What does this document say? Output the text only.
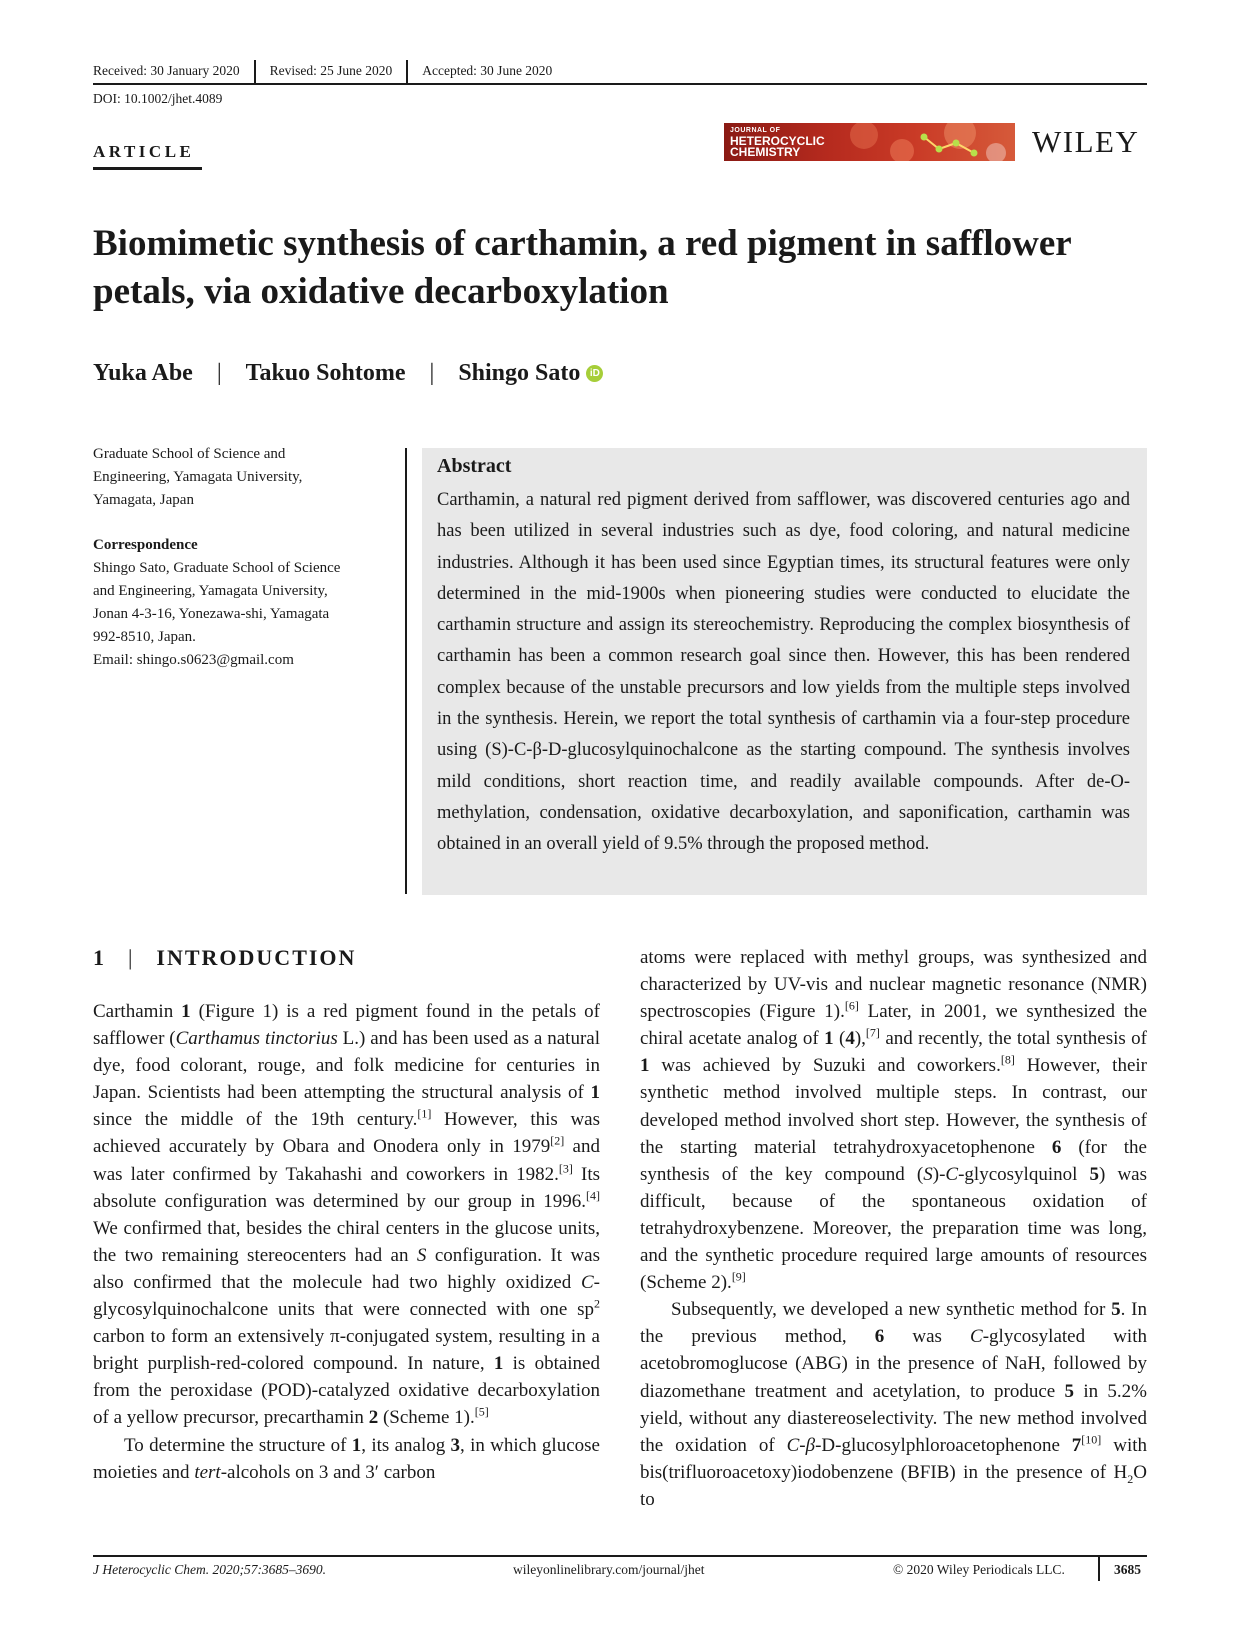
Received: 30 January 2020	Revised: 25 June 2020	Accepted: 30 June 2020
DOI: 10.1002/jhet.4089
ARTICLE
JOURNAL OF
HETEROCYCLIC
CHEMISTRY	WILEY
Biomimetic synthesis of carthamin, a red pigment in safflower petals, via oxidative decarboxylation
Yuka Abe | Takuo Sohtome | Shingo Sato iD

Graduate School of Science and

Engineering, Yamagata University,

Yamagata, Japan

Correspondence

Shingo Sato, Graduate School of Science

and Engineering, Yamagata University,

Jonan 4-3-16, Yonezawa-shi, Yamagata

992-8510, Japan.

Email: shingo.s0623@gmail.com

Abstract
Carthamin, a natural red pigment derived from safflower, was discovered centuries ago and has been utilized in several industries such as dye, food coloring, and natural medicine industries. Although it has been used since Egyptian times, its structural features were only determined in the mid-1900s when pioneering studies were conducted to elucidate the carthamin structure and assign its stereochemistry. Reproducing the complex biosynthesis of carthamin has been a common research goal since then. However, this has been rendered complex because of the unstable precursors and low yields from the multiple steps involved in the synthesis. Herein, we report the total synthesis of carthamin via a four-step procedure using (S)-C-β-D-glucosylquinochalcone as the starting compound. The synthesis involves mild conditions, short reaction time, and readily available compounds. After de-O-methylation, condensation, oxidative decarboxylation, and saponification, carthamin was obtained in an overall yield of 9.5% through the proposed method.
1 | INTRODUCTION

Carthamin 1 (Figure 1) is a red pigment found in the petals of safflower (Carthamus tinctorius L.) and has been used as a natural dye, food colorant, rouge, and folk medicine for centuries in Japan. Scientists had been attempting the structural analysis of 1 since the middle of the 19th century.[1] However, this was achieved accurately by Obara and Onodera only in 1979[2] and was later confirmed by Takahashi and coworkers in 1982.[3] Its absolute configuration was determined by our group in 1996.[4] We confirmed that, besides the chiral centers in the glucose units, the two remaining stereocenters had an S configuration. It was also confirmed that the molecule had two highly oxidized C-glycosylquinochalcone units that were connected with one $sp^2$ carbon to form an extensively π-conjugated system, resulting in a bright purplish-red-colored compound. In nature, 1 is obtained from the peroxidase (POD)-catalyzed oxidative decarboxylation of a yellow precursor, precarthamin 2 (Scheme 1).[5]

To determine the structure of 1, its analog 3, in which glucose moieties and tert-alcohols on 3 and 3′ carbon

atoms were replaced with methyl groups, was synthesized and characterized by UV-vis and nuclear magnetic resonance (NMR) spectroscopies (Figure 1).[6] Later, in 2001, we synthesized the chiral acetate analog of 1 (4),[7] and recently, the total synthesis of 1 was achieved by Suzuki and coworkers.[8] However, their synthetic method involved multiple steps. In contrast, our developed method involved short step. However, the synthesis of the starting material tetrahydroxyacetophenone 6 (for the synthesis of the key compound (S)-C-glycosylquinol 5) was difficult, because of the spontaneous oxidation of tetrahydroxybenzene. Moreover, the preparation time was long, and the synthetic procedure required large amounts of resources (Scheme 2).[9]

Subsequently, we developed a new synthetic method for 5. In the previous method, 6 was C-glycosylated with acetobromoglucose (ABG) in the presence of NaH, followed by diazomethane treatment and acetylation, to produce 5 in 5.2% yield, without any diastereoselectivity. The new method involved the oxidation of C-β-D-glucosylphloroacetophenone 7[10] with bis(trifluoroacetoxy)iodobenzene (BFIB) in the presence of $H_2O$ to

J Heterocyclic Chem. 2020;57:3685–3690.	wileyonlinelibrary.com/journal/jhet	© 2020 Wiley Periodicals LLC.	3685
